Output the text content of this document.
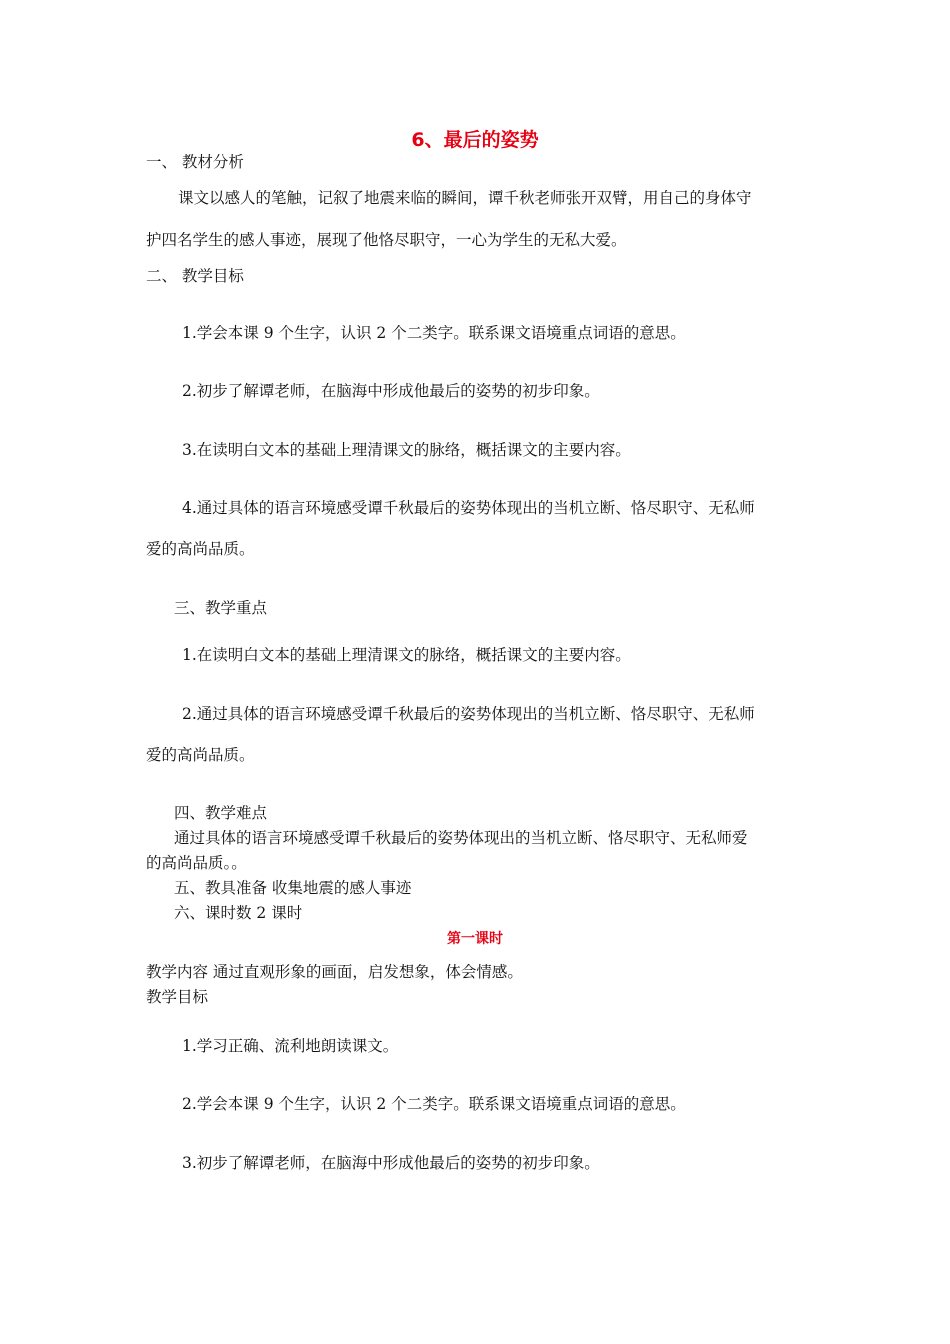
6、最后的姿势
一、 教材分析
课文以感人的笔触，记叙了地震来临的瞬间，谭千秋老师张开双臂，用自己的身体守
护四名学生的感人事迹，展现了他恪尽职守，一心为学生的无私大爱。
二、 教学目标
1.学会本课 9 个生字，认识 2 个二类字。联系课文语境重点词语的意思。
2.初步了解谭老师，在脑海中形成他最后的姿势的初步印象。
3.在读明白文本的基础上理清课文的脉络，概括课文的主要内容。
4.通过具体的语言环境感受谭千秋最后的姿势体现出的当机立断、恪尽职守、无私师
爱的高尚品质。
三、教学重点
1.在读明白文本的基础上理清课文的脉络，概括课文的主要内容。
2.通过具体的语言环境感受谭千秋最后的姿势体现出的当机立断、恪尽职守、无私师
爱的高尚品质。
四、教学难点
通过具体的语言环境感受谭千秋最后的姿势体现出的当机立断、恪尽职守、无私师爱
的高尚品质。。
五、教具准备 收集地震的感人事迹
六、课时数 2 课时
第一课时
教学内容 通过直观形象的画面，启发想象，体会情感。
教学目标
1.学习正确、流利地朗读课文。
2.学会本课 9 个生字，认识 2 个二类字。联系课文语境重点词语的意思。
3.初步了解谭老师，在脑海中形成他最后的姿势的初步印象。
